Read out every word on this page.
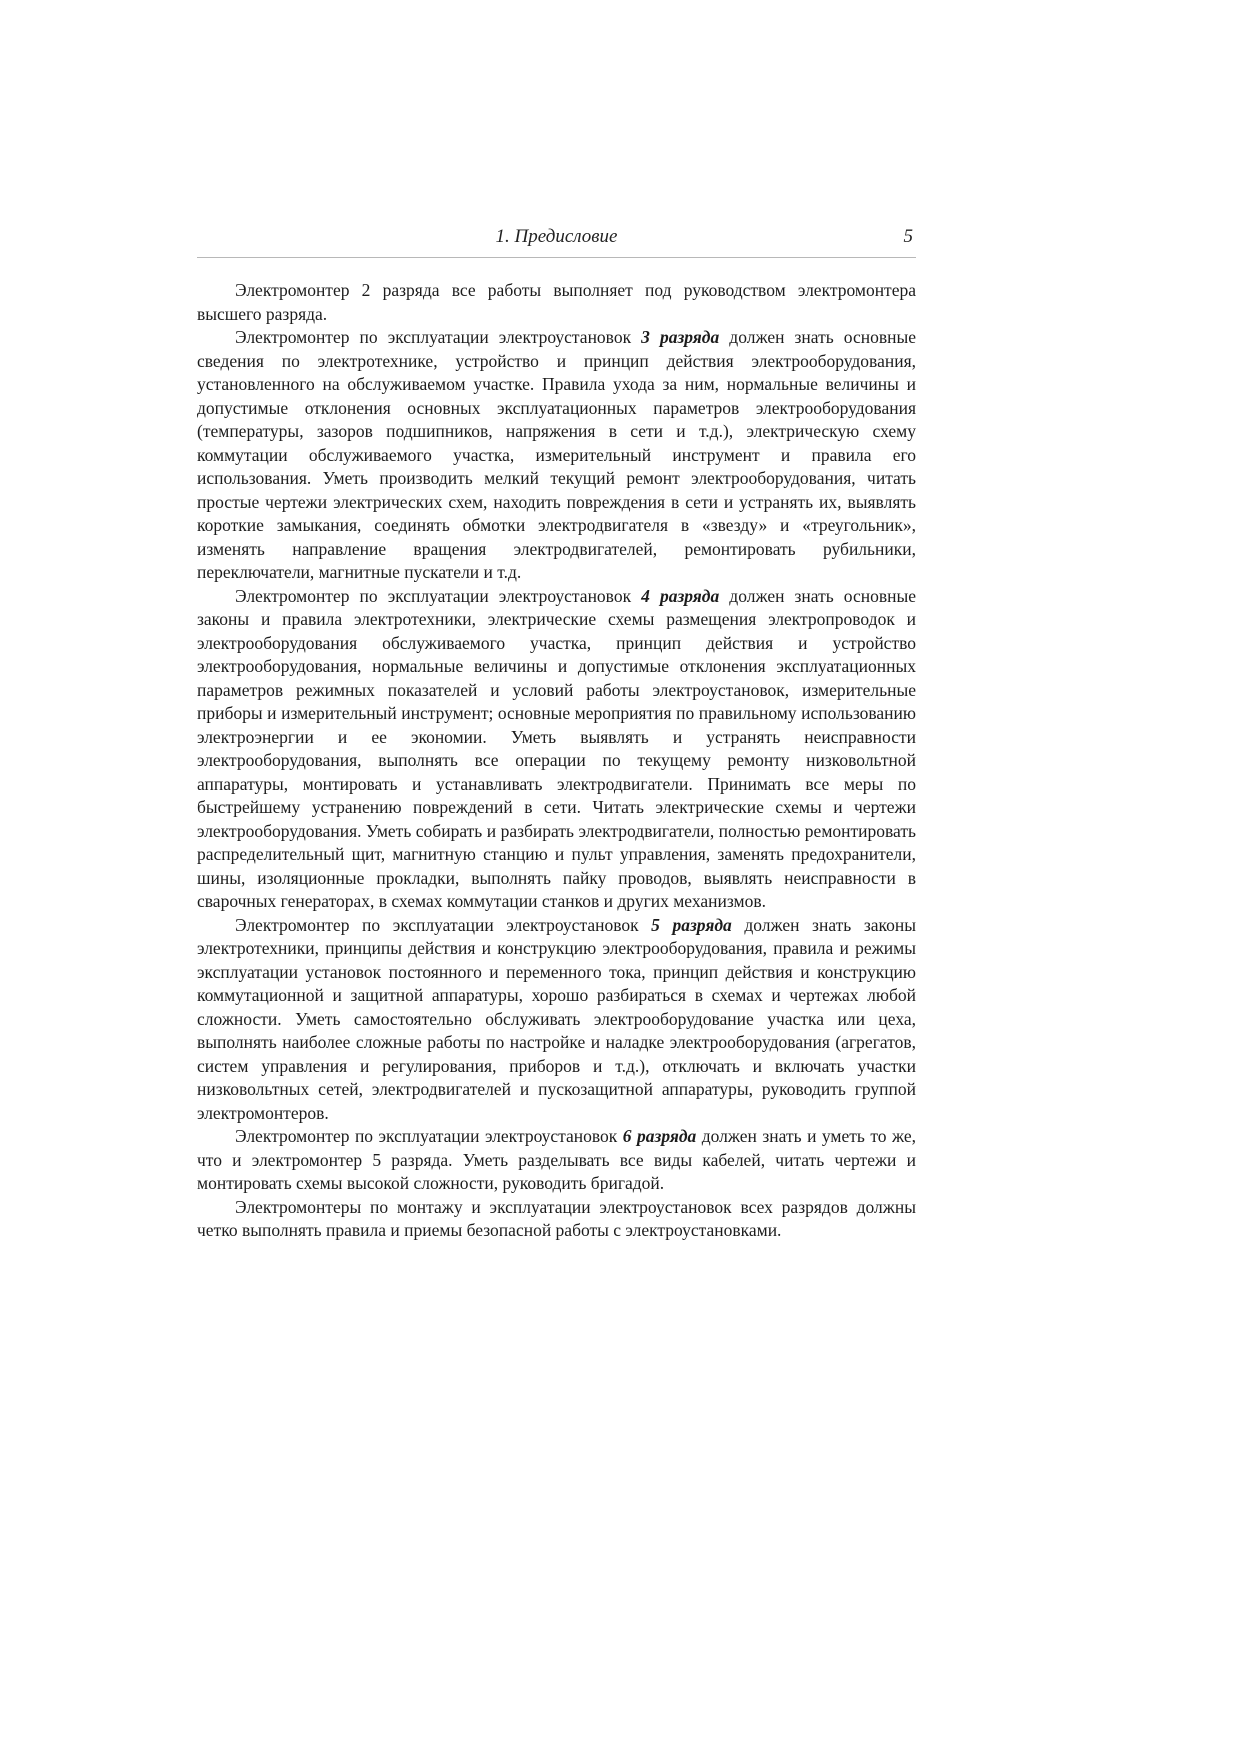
1. Предисловие	5

Электромонтер 2 разряда все работы выполняет под руководством электромонтера высшего разряда.

Электромонтер по эксплуатации электроустановок 3 разряда должен знать основные сведения по электротехнике, устройство и принцип действия электрооборудования, установленного на обслуживаемом участке. Правила ухода за ним, нормальные величины и допустимые отклонения основных эксплуатационных параметров электрооборудования (температуры, зазоров подшипников, напряжения в сети и т.д.), электрическую схему коммутации обслуживаемого участка, измерительный инструмент и правила его использования. Уметь производить мелкий текущий ремонт электрооборудования, читать простые чертежи электрических схем, находить повреждения в сети и устранять их, выявлять короткие замыкания, соединять обмотки электродвигателя в «звезду» и «треугольник», изменять направление вращения электродвигателей, ремонтировать рубильники, переключатели, магнитные пускатели и т.д.

Электромонтер по эксплуатации электроустановок 4 разряда должен знать основные законы и правила электротехники, электрические схемы размещения электропроводок и электрооборудования обслуживаемого участка, принцип действия и устройство электрооборудования, нормальные величины и допустимые отклонения эксплуатационных параметров режимных показателей и условий работы электроустановок, измерительные приборы и измерительный инструмент; основные мероприятия по правильному использованию электроэнергии и ее экономии. Уметь выявлять и устранять неисправности электрооборудования, выполнять все операции по текущему ремонту низковольтной аппаратуры, монтировать и устанавливать электродвигатели. Принимать все меры по быстрейшему устранению повреждений в сети. Читать электрические схемы и чертежи электрооборудования. Уметь собирать и разбирать электродвигатели, полностью ремонтировать распределительный щит, магнитную станцию и пульт управления, заменять предохранители, шины, изоляционные прокладки, выполнять пайку проводов, выявлять неисправности в сварочных генераторах, в схемах коммутации станков и других механизмов.

Электромонтер по эксплуатации электроустановок 5 разряда должен знать законы электротехники, принципы действия и конструкцию электрооборудования, правила и режимы эксплуатации установок постоянного и переменного тока, принцип действия и конструкцию коммутационной и защитной аппаратуры, хорошо разбираться в схемах и чертежах любой сложности. Уметь самостоятельно обслуживать электрооборудование участка или цеха, выполнять наиболее сложные работы по настройке и наладке электрооборудования (агрегатов, систем управления и регулирования, приборов и т.д.), отключать и включать участки низковольтных сетей, электродвигателей и пускозащитной аппаратуры, руководить группой электромонтеров.

Электромонтер по эксплуатации электроустановок 6 разряда должен знать и уметь то же, что и электромонтер 5 разряда. Уметь разделывать все виды кабелей, читать чертежи и монтировать схемы высокой сложности, руководить бригадой.

Электромонтеры по монтажу и эксплуатации электроустановок всех разрядов должны четко выполнять правила и приемы безопасной работы с электроустановками.
